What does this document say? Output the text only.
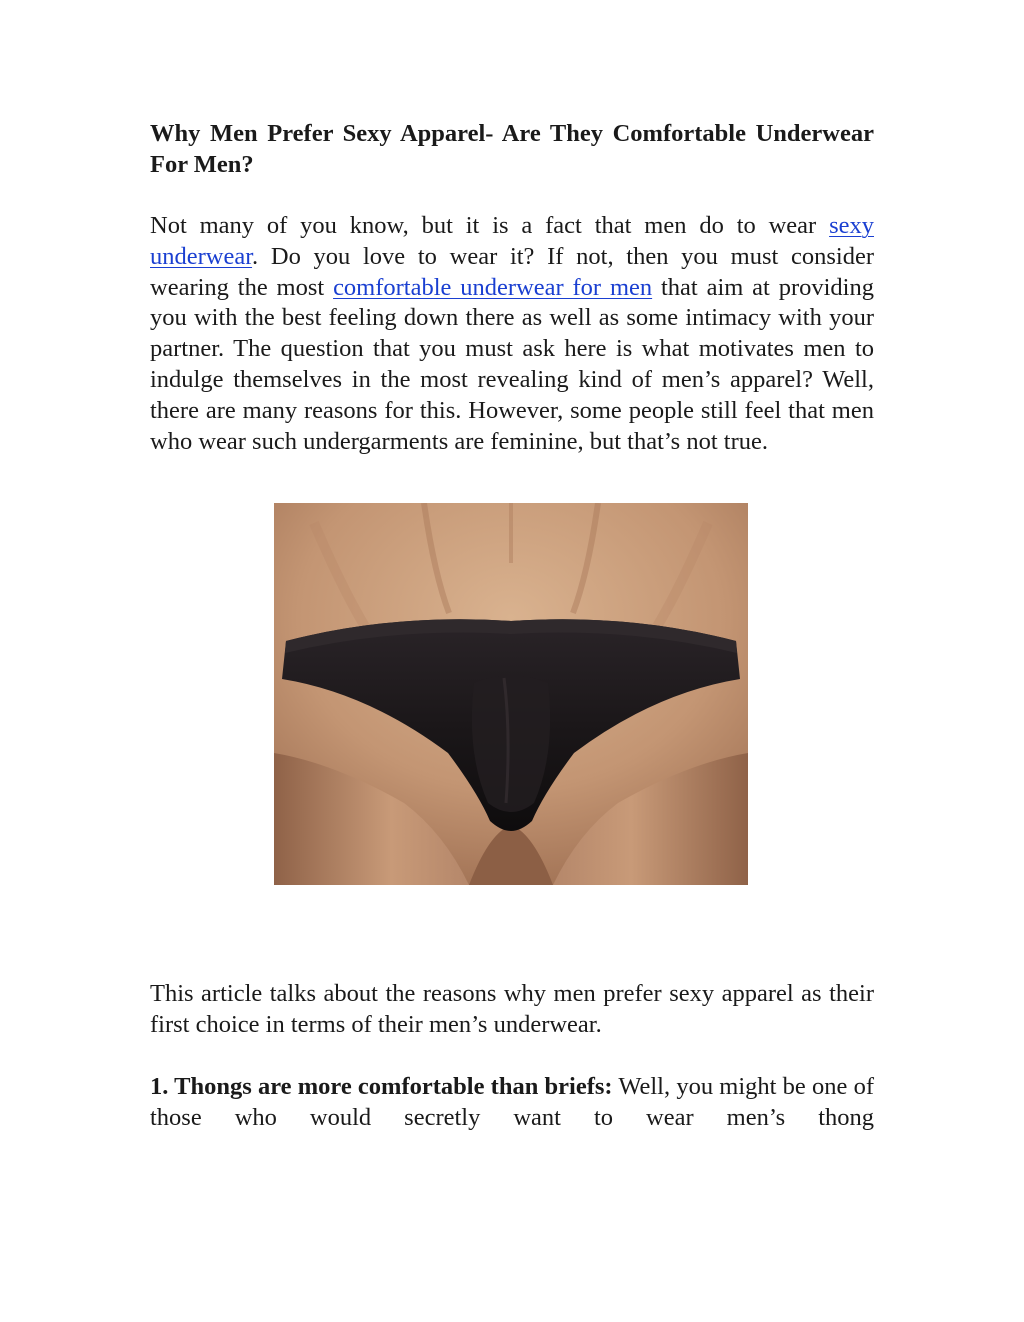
Why Men Prefer Sexy Apparel- Are They Comfortable Underwear For Men?

Not many of you know, but it is a fact that men do to wear sexy underwear. Do you love to wear it? If not, then you must consider wearing the most comfortable underwear for men that aim at providing you with the best feeling down there as well as some intimacy with your partner. The question that you must ask here is what motivates men to indulge themselves in the most revealing kind of men’s apparel? Well, there are many reasons for this. However, some people still feel that men who wear such undergarments are feminine, but that’s not true.

This article talks about the reasons why men prefer sexy apparel as their first choice in terms of their men’s underwear.

1. Thongs are more comfortable than briefs: Well, you might be one of those who would secretly want to wear men’s thong
